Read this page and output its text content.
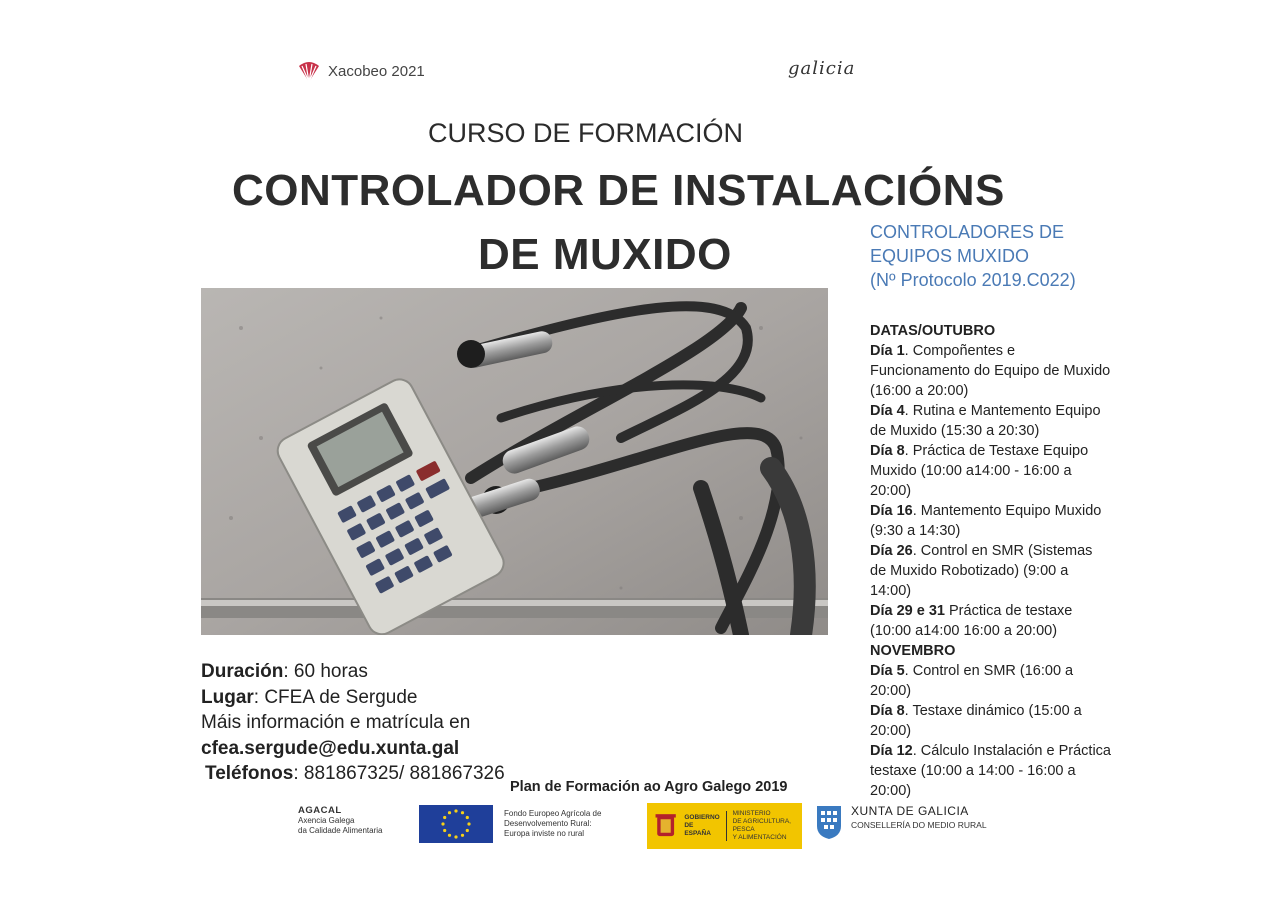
Xacobeo 2021	galicia
CURSO DE FORMACIÓN
CONTROLADOR DE INSTALACIÓNS
DE MUXIDO	CONTROLADORES DE
EQUIPOS MUXIDO
(Nº Protocolo 2019.C022)
DATAS/OUTUBRO
Día 1. Compoñentes e
Funcionamento do Equipo de Muxido
(16:00 a 20:00)
Día 4. Rutina e Mantemento Equipo
de Muxido (15:30 a 20:30)
Día 8. Práctica de Testaxe Equipo
Muxido (10:00 a14:00 - 16:00 a
20:00)
Día 16. Mantemento Equipo Muxido
(9:30 a 14:30)
Día 26. Control en SMR (Sistemas
de Muxido Robotizado) (9:00 a
14:00)
Día 29 e 31 Práctica de testaxe
(10:00 a14:00 16:00 a 20:00)
NOVEMBRO
Día 5. Control en SMR (16:00 a
20:00)
Día 8. Testaxe dinámico (15:00 a
20:00)
Día 12. Cálculo Instalación e Práctica
testaxe (10:00 a 14:00 - 16:00 a
20:00)
Duración: 60 horas
Lugar: CFEA de Sergude
Máis información e matrícula en
cfea.sergude@edu.xunta.gal
Teléfonos: 881867325/ 881867326
Plan de Formación ao Agro Galego 2019
AGACAL
Axencia Galega
da Calidade Alimentaria
Fondo Europeo Agrícola de
Desenvolvemento Rural:
Europa inviste no rural
GOBIERNO
DE ESPAÑA
MINISTERIO
DE AGRICULTURA, PESCA
Y ALIMENTACIÓN
XUNTA DE GALICIA
CONSELLERÍA DO MEDIO RURAL
